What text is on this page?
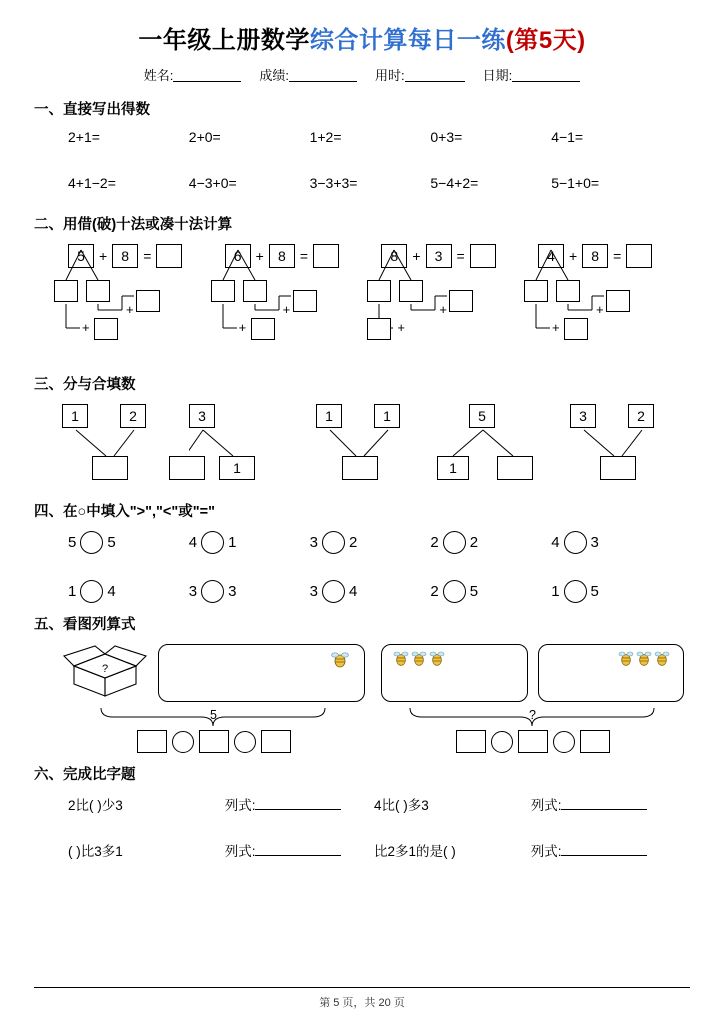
一年级上册数学综合计算每日一练(第5天)
姓名:	成绩:	用时:	日期:
一、直接写出得数
2+1=	2+0=	1+2=	0+3=	4−1=
4+1−2=	4−3+0=	3−3+3=	5−4+2=	5−1+0=
二、用借(破)十法或凑十法计算
5	+	8	=
+
+
6	+	8	=
+
+
8	+	3	=
+
+
4	+	8	=
+
+
三、分与合填数
1	2	3
1
1	1	5
1
3	2
四、在○中填入">","<"或"="
5 5	4 1	3 2	2 2	4 3
1 4	3 3	3 4	2 5	1 5
五、看图列算式
?
5	?
六、完成比字题
2比( )少3	列式:	4比( )多3	列式:
( )比3多1	列式:	比2多1的是( )	列式:
第 5 页，共 20 页
